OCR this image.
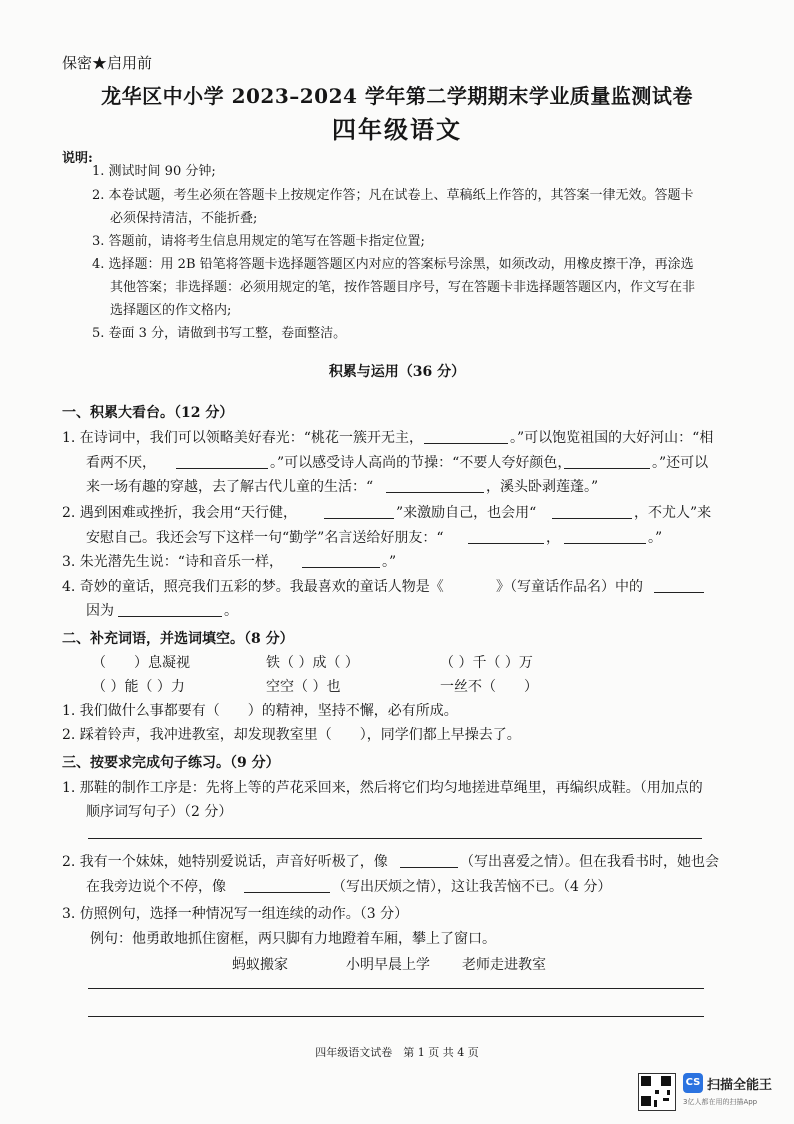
保密★启用前
龙华区中小学 2023–2024 学年第二学期期末学业质量监测试卷
四年级语文
说明:
1. 测试时间 90 分钟;
2. 本卷试题，考生必须在答题卡上按规定作答；凡在试卷上、草稿纸上作答的，其答案一律无效。答题卡
必须保持清洁，不能折叠;
3. 答题前，请将考生信息用规定的笔写在答题卡指定位置;
4. 选择题：用 2B 铅笔将答题卡选择题答题区内对应的答案标号涂黑，如须改动，用橡皮擦干净，再涂选
其他答案；非选择题：必须用规定的笔，按作答题目序号，写在答题卡非选择题答题区内，作文写在非
选择题区的作文格内;
5. 卷面 3 分，请做到书写工整，卷面整洁。
积累与运用（36 分）
一、积累大看台。（12 分）
1. 在诗词中，我们可以领略美好春光：“桃花一簇开无主，	。”可以饱览祖国的大好河山：“相
看两不厌，	。”可以感受诗人高尚的节操：“不要人夸好颜色，	。”还可以
来一场有趣的穿越，去了解古代儿童的生活：“	，溪头卧剥莲蓬。”
2. 遇到困难或挫折，我会用“天行健，	”来激励自己，也会用“	，不尤人”来
安慰自己。我还会写下这样一句“勤学”名言送给好朋友：“	，	。”
3. 朱光潜先生说：“诗和音乐一样，	。”
4. 奇妙的童话，照亮我们五彩的梦。我最喜欢的童话人物是《	》（写童话作品名）中的
因为	。
二、补充词语，并选词填空。（8 分）
（　　）息凝视	铁（ ）成（ ）	（ ）千（ ）万
（ ）能（ ）力	空空（ ）也	一丝不（　　）
1. 我们做什么事都要有（　　）的精神，坚持不懈，必有所成。
2. 踩着铃声，我冲进教室，却发现教室里（　　），同学们都上早操去了。
三、按要求完成句子练习。（9 分）
1. 那鞋的制作工序是：先将上等的芦花采回来，然后将它们均匀地搓进草绳里，再编织成鞋。（用加点的
顺序词写句子）（2 分）
2. 我有一个妹妹，她特别爱说话，声音好听极了，像	（写出喜爱之情）。但在我看书时，她也会
在我旁边说个不停，像	（写出厌烦之情），这让我苦恼不已。（4 分）
3. 仿照例句，选择一种情况写一组连续的动作。（3 分）
例句：他勇敢地抓住窗框，两只脚有力地蹬着车厢，攀上了窗口。
蚂蚁搬家	小明早晨上学 老师走进教室
四年级语文试卷　第 1 页 共 4 页
CS 扫描全能王
3亿人都在用的扫描App
